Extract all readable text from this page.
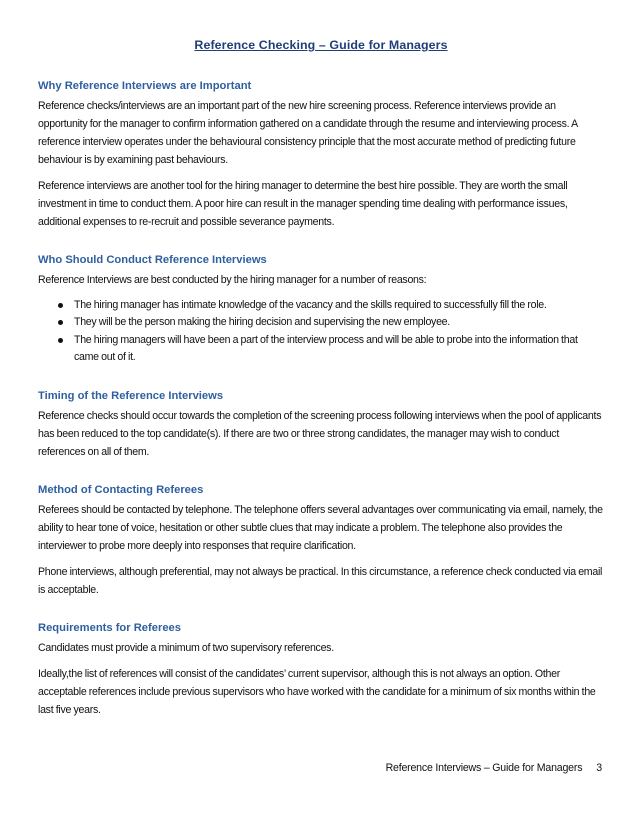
Reference Checking – Guide for Managers
Why Reference Interviews are Important

Reference checks/interviews are an important part of the new hire screening process. Reference interviews provide an opportunity for the manager to confirm information gathered on a candidate through the resume and interviewing process. A reference interview operates under the behavioural consistency principle that the most accurate method of predicting future behaviour is by examining past behaviours.

Reference interviews are another tool for the hiring manager to determine the best hire possible. They are worth the small investment in time to conduct them. A poor hire can result in the manager spending time dealing with performance issues, additional expenses to re-recruit and possible severance payments.

Who Should Conduct Reference Interviews

Reference Interviews are best conducted by the hiring manager for a number of reasons:

The hiring manager has intimate knowledge of the vacancy and the skills required to successfully fill the role.
They will be the person making the hiring decision and supervising the new employee.
The hiring managers will have been a part of the interview process and will be able to probe into the information that came out of it.
Timing of the Reference Interviews

Reference checks should occur towards the completion of the screening process following interviews when the pool of applicants has been reduced to the top candidate(s). If there are two or three strong candidates, the manager may wish to conduct references on all of them.

Method of Contacting Referees

Referees should be contacted by telephone. The telephone offers several advantages over communicating via email, namely, the ability to hear tone of voice, hesitation or other subtle clues that may indicate a problem. The telephone also provides the interviewer to probe more deeply into responses that require clarification.

Phone interviews, although preferential, may not always be practical. In this circumstance, a reference check conducted via email is acceptable.

Requirements for Referees

Candidates must provide a minimum of two supervisory references.

Ideally,the list of references will consist of the candidates’ current supervisor, although this is not always an option. Other acceptable references include previous supervisors who have worked with the candidate for a minimum of six months within the last five years.

Reference Interviews – Guide for Managers 3
